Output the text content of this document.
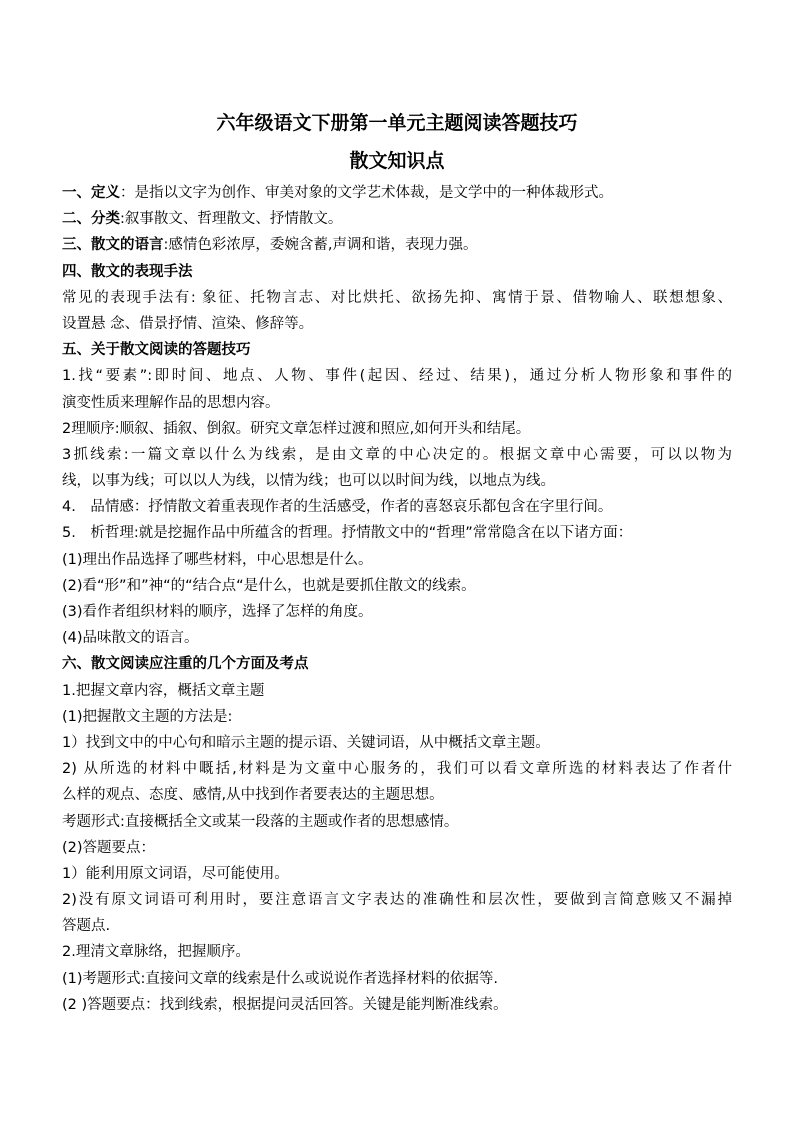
六年级语文下册第一单元主题阅读答题技巧
散文知识点

一、定义：是指以文字为创作、审美对象的文学艺术体裁，是文学中的一种体裁形式。

二、分类:叙事散文、哲理散文、抒情散文。

三、散文的语言:感情色彩浓厚，委婉含蓄,声调和谐，表现力强。

四、散文的表现手法

常见的表现手法有: 象征、托物言志、对比烘托、欲扬先抑、寓情于景、借物喻人、联想想象、

设置悬 念、借景抒情、渲染、修辞等。

五、关于散文阅读的答题技巧

1.找“要素”:即时间、地点、人物、事件(起因、经过、结果)，通过分析人物形象和事件的

演变性质来理解作品的思想内容。

2理顺序:顺叙、插叙、倒叙。研究文章怎样过渡和照应,如何开头和结尾。

3抓线索:一篇文章以什么为线索，是由文章的中心决定的。根据文章中心需要，可以以物为

线，以事为线；可以以人为线，以情为线；也可以以时间为线，以地点为线。

4.　品情感：抒情散文着重表现作者的生活感受，作者的喜怒哀乐都包含在字里行间。

5.　析哲理:就是挖掘作品中所蕴含的哲理。抒情散文中的“哲理”常常隐含在以下诸方面：

(1)理出作品选择了哪些材料，中心思想是什么。

(2)看“形”和”神“的“结合点“是什么，也就是要抓住散文的线索。

(3)看作者组织材料的顺序，选择了怎样的角度。

(4)品味散文的语言。

六、散文阅读应注重的几个方面及考点

1.把握文章内容，概括文章主题

(1)把握散文主题的方法是:

1）找到文中的中心句和暗示主题的提示语、关键词语，从中概括文章主题。

2) 从所选的材料中嘅括,材料是为文童中心服务的，我们可以看文章所选的材料表达了作者什

么样的观点、态度、感情,从中找到作者要表达的主题思想。

考题形式:直接概括全文或某一段落的主题或作者的思想感情。

(2)答题要点：

1）能利用原文词语，尽可能使用。

2)没有原文词语可利用时，要注意语言文字表达的准确性和层次性，要做到言简意赅又不漏掉

答题点.

2.理清文章脉络，把握顺序。

(1)考题形式:直接问文章的线索是什么或说说作者选择材料的依据等.

(2 )答题要点：找到线索，根据提问灵活回答。关键是能判断准线索。
